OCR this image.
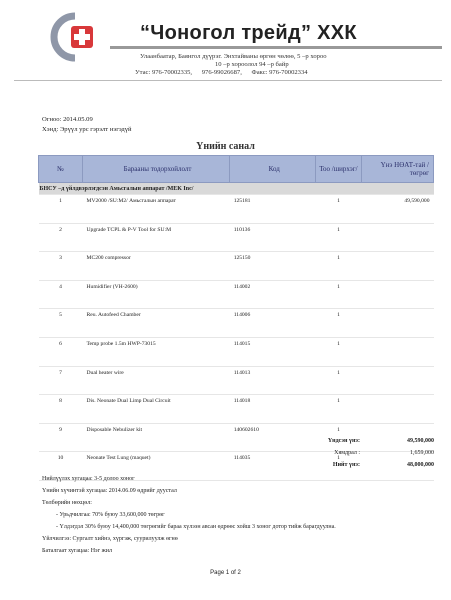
“Чоногол трейд” ХХК
Улаанбаатар, Баянгол дүүрэг. Энхтайваны өргөн чөлөө, 5 –р хороо
10 –р хороолол 94 –р байр
Утас: 976-70002335, 976-99026687, Факс: 976-70002334
Огноо: 2014.05.09
Хэнд: Эрүүл урс гэрэлт нэгэдүй
Үнийн санал
№	Барааны тодорхойлолт	Код	Тоо /ширхэг/	Үнэ НӨАТ-тай /төгрөг
БНСУ –д үйлдвэрлэгдсэн Амьсгалын аппарат /MEK Inc/				
1	MV2000 /SU:M2/ Амьсгалын аппарат	125181	1	49,590,000
2	Upgrade TCPL & P-V Tool for SU:M	110136	1	
3	MC200 compressor	125150	1	
4	Humidifier (VH-2600)	114002	1	
5	Reu. Autofeed Chamber	114006	1	
6	Temp probe 1.5m HWP-73015	114015	1	
7	Dual heater wire	114013	1	
8	Dis. Neonate Dual Limp Dual Circuit	114018	1	
9	Disposable Nebulizer kit	140602610	1	
10	Neonate Test Lung (maquet)	114035	1	
Үндсэн үнэ:	49,590,000
Хямдрал :	1,659,000
Нийт үнэ:	48,000,000
Нийлүүлэх хугацаа: 3-5 долоо хоног
Үнийн хүчинтэй хугацаа: 2014.06.09 өдрийг дуустал
Төлбөрийн нөхцөл:
- Урьдчилгаа: 70% буюу 33,600,000 төгрөг
- Үлдэгдэл 30% буюу 14,400,000 төгрөгийг бараа хүлээн авсан өдрөөс хойш 3 хоног дотор тийж барагдуулна.
Үйлчилгээ: Сургалт хийнэ, хүргэж, суурилуулж өгнө
Баталгаат хугацаа: Нэг жил
Page 1 of 2
